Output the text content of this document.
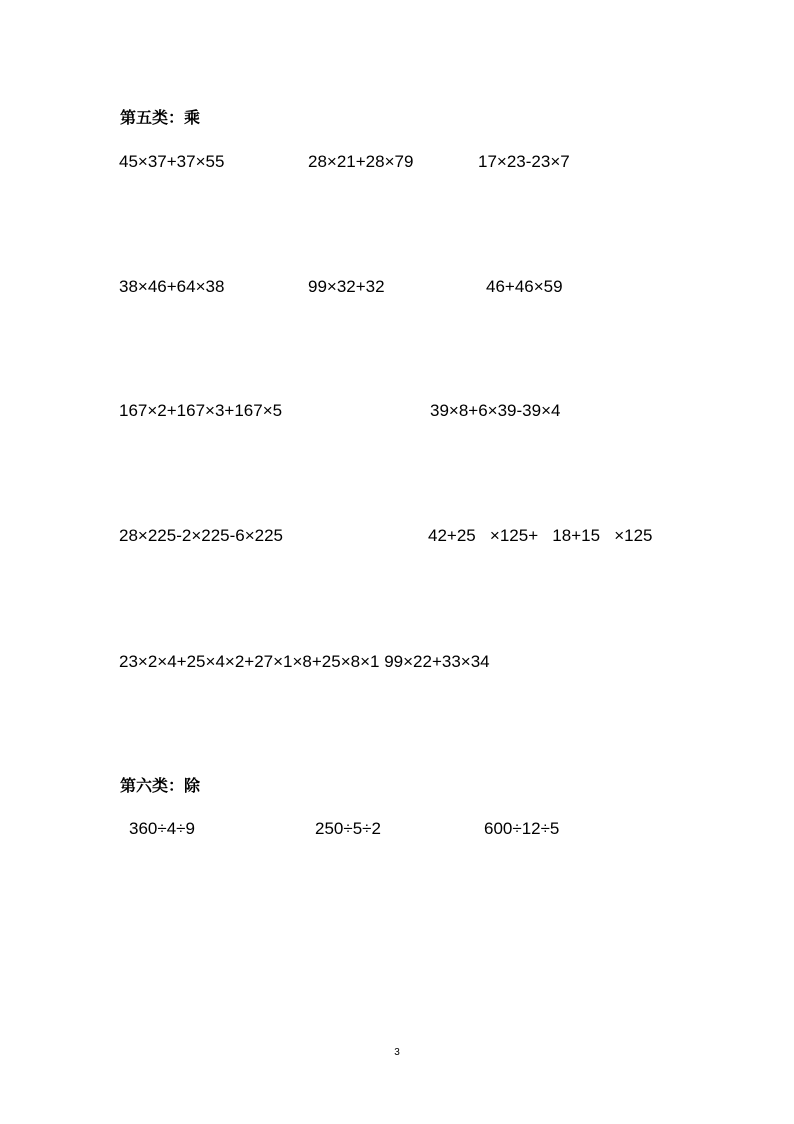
第五类：乘
45×37+37×55	28×21+28×79	17×23-23×7
38×46+64×38	99×32+32	46+46×59
167×2+167×3+167×5	39×8+6×39-39×4
28×225-2×225-6×225	42+25   ×125+   18+15   ×125
23×2×4+25×4×2+27×1×8+25×8×1 99×22+33×34
第六类：除
360÷4÷9	250÷5÷2	600÷12÷5
3
